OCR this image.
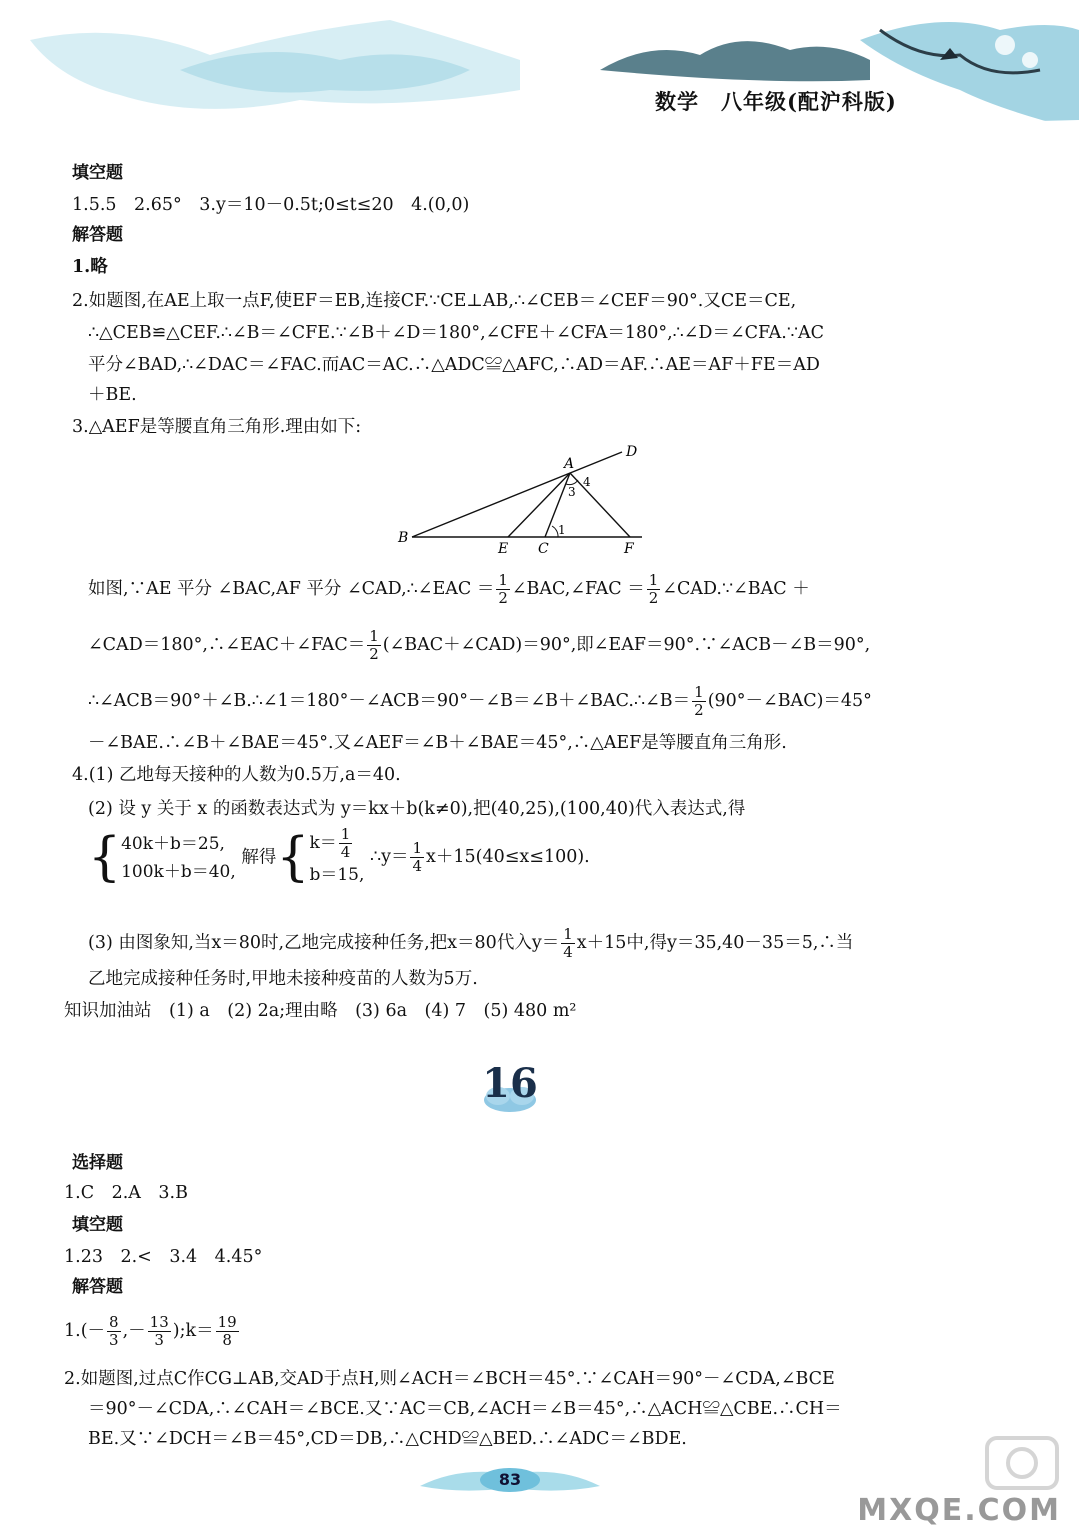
数学　八年级(配沪科版)
填空题
1.5.5　2.65°　3.y＝10－0.5t;0≤t≤20　4.(0,0)
解答题
1.略
2.如题图,在AE上取一点F,使EF＝EB,连接CF.∵CE⊥AB,∴∠CEB＝∠CEF＝90°.又CE＝CE,
∴△CEB≌△CEF.∴∠B＝∠CFE.∵∠B＋∠D＝180°,∠CFE＋∠CFA＝180°,∴∠D＝∠CFA.∵AC
平分∠BAD,∴∠DAC＝∠FAC.而AC＝AC.∴△ADC≌△AFC,∴AD＝AF.∴AE＝AF＋FE＝AD
＋BE.
3.△AEF是等腰直角三角形.理由如下:
A
D
B
E C	F
1
3
4
如图,∵AE 平分 ∠BAC,AF 平分 ∠CAD,∴∠EAC ＝ $\frac{1}{2}$ ∠BAC,∠FAC ＝ $\frac{1}{2}$ ∠CAD.∵∠BAC ＋
∠CAD＝180°,∴∠EAC＋∠FAC＝ $\frac{1}{2}$ (∠BAC＋∠CAD)＝90°,即∠EAF＝90°.∵∠ACB－∠B＝90°,
∴∠ACB＝90°＋∠B.∴∠1＝180°－∠ACB＝90°－∠B＝∠B＋∠BAC.∴∠B＝ $\frac{1}{2}$ (90°－∠BAC)＝45°
－∠BAE.∴∠B＋∠BAE＝45°.又∠AEF＝∠B＋∠BAE＝45°,∴△AEF是等腰直角三角形.
4.(1) 乙地每天接种的人数为0.5万,a＝40.
(2) 设 y 关于 x 的函数表达式为 y＝kx＋b(k≠0),把(40,25),(100,40)代入表达式,得
{40k＋b＝25,
100k＋b＝40, 解得{$k= \frac{1}{4}$

b＝15, ∴y＝ $\frac{1}{4} x+15(40\le x\le 100)$.
(3) 由图象知,当x＝80时,乙地完成接种任务,把x＝80代入$y= \frac{1}{4} x+15$中,得y＝35,40－35＝5,∴当
乙地完成接种任务时,甲地未接种疫苗的人数为5万.
知识加油站　(1) a　(2) 2a;理由略　(3) 6a　(4) 7　(5) 480 m²
16
选择题
1.C　2.A　3.B
填空题
1.23　2.<　3.4　4.45°
解答题
$1.(- \frac{8}{3}$ ,－ $\frac{13}{3}$ );k＝ $\frac{19}{8}$
2.如题图,过点C作CG⊥AB,交AD于点H,则∠ACH＝∠BCH＝45°.∵∠CAH＝90°－∠CDA,∠BCE
＝90°－∠CDA,∴∠CAH＝∠BCE.又∵AC＝CB,∠ACH＝∠B＝45°,∴△ACH≌△CBE.∴CH＝
BE.又∵∠DCH＝∠B＝45°,CD＝DB,∴△CHD≌△BED.∴∠ADC＝∠BDE.
83
MXQE.COM
